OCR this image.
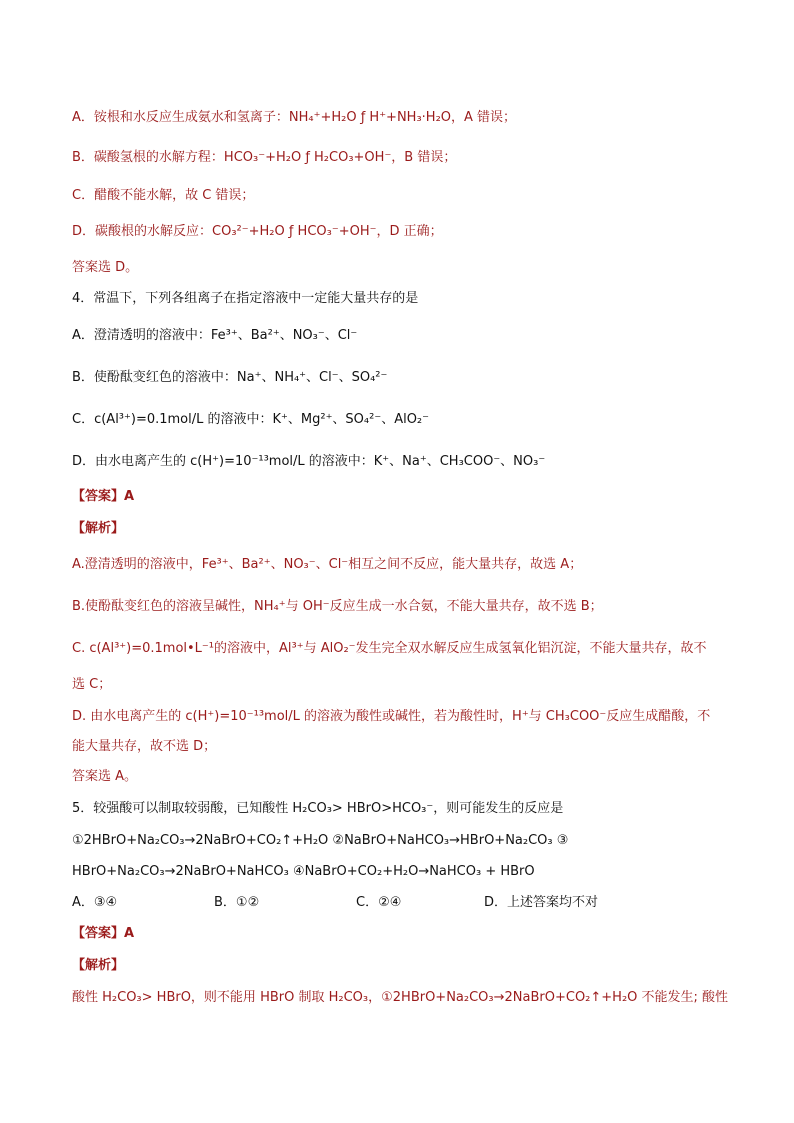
A．铵根和水反应生成氨水和氢离子：NH₄⁺+H₂O ƒ H⁺+NH₃·H₂O，A 错误；
B．碳酸氢根的水解方程：HCO₃⁻+H₂O ƒ H₂CO₃+OH⁻，B 错误；
C．醋酸不能水解，故 C 错误；
D．碳酸根的水解反应：CO₃²⁻+H₂O ƒ HCO₃⁻+OH⁻，D 正确；
答案选 D。
4．常温下，下列各组离子在指定溶液中一定能大量共存的是
A．澄清透明的溶液中：Fe³⁺、Ba²⁺、NO₃⁻、Cl⁻
B．使酚酞变红色的溶液中：Na⁺、NH₄⁺、Cl⁻、SO₄²⁻
C．c(Al³⁺)=0.1mol/L 的溶液中：K⁺、Mg²⁺、SO₄²⁻、AlO₂⁻
D．由水电离产生的 c(H⁺)=10⁻¹³mol/L 的溶液中：K⁺、Na⁺、CH₃COO⁻、NO₃⁻
【答案】A
【解析】
A.澄清透明的溶液中，Fe³⁺、Ba²⁺、NO₃⁻、Cl⁻相互之间不反应，能大量共存，故选 A；
B.使酚酞变红色的溶液呈碱性，NH₄⁺与 OH⁻反应生成一水合氨，不能大量共存，故不选 B；
C. c(Al³⁺)=0.1mol•L⁻¹的溶液中，Al³⁺与 AlO₂⁻发生完全双水解反应生成氢氧化铝沉淀，不能大量共存，故不
选 C；
D. 由水电离产生的 c(H⁺)=10⁻¹³mol/L 的溶液为酸性或碱性，若为酸性时，H⁺与 CH₃COO⁻反应生成醋酸，不
能大量共存，故不选 D；
答案选 A。
5．较强酸可以制取较弱酸，已知酸性 H₂CO₃> HBrO>HCO₃⁻，则可能发生的反应是
①2HBrO+Na₂CO₃→2NaBrO+CO₂↑+H₂O ②NaBrO+NaHCO₃→HBrO+Na₂CO₃ ③
HBrO+Na₂CO₃→2NaBrO+NaHCO₃ ④NaBrO+CO₂+H₂O→NaHCO₃ + HBrO
A．③④	B．①②	C．②④	D．上述答案均不对
【答案】A
【解析】
酸性 H₂CO₃> HBrO，则不能用 HBrO 制取 H₂CO₃，①2HBrO+Na₂CO₃→2NaBrO+CO₂↑+H₂O 不能发生; 酸性
